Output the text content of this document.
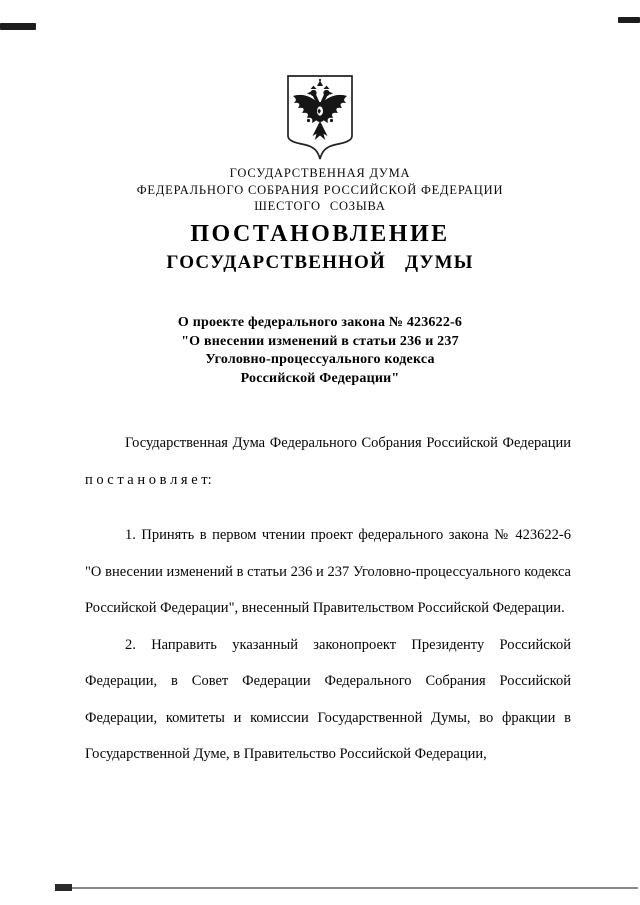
ГОСУДАРСТВЕННАЯ ДУМА
ФЕДЕРАЛЬНОГО СОБРАНИЯ РОССИЙСКОЙ ФЕДЕРАЦИИ
ШЕСТОГО СОЗЫВА
ПОСТАНОВЛЕНИЕ
ГОСУДАРСТВЕННОЙ ДУМЫ
О проекте федерального закона № 423622-6
"О внесении изменений в статьи 236 и 237
Уголовно-процессуального кодекса
Российской Федерации"

Государственная Дума Федерального Собрания Российской Федерации п о с т а н о в л я е т:

1. Принять в первом чтении проект федерального закона № 423622-6 "О внесении изменений в статьи 236 и 237 Уголовно-процессуального кодекса Российской Федерации", внесенный Правительством Российской Федерации.

2. Направить указанный законопроект Президенту Российской Федерации, в Совет Федерации Федерального Собрания Российской Федерации, комитеты и комиссии Государственной Думы, во фракции в Государственной Думе, в Правительство Российской Федерации,
